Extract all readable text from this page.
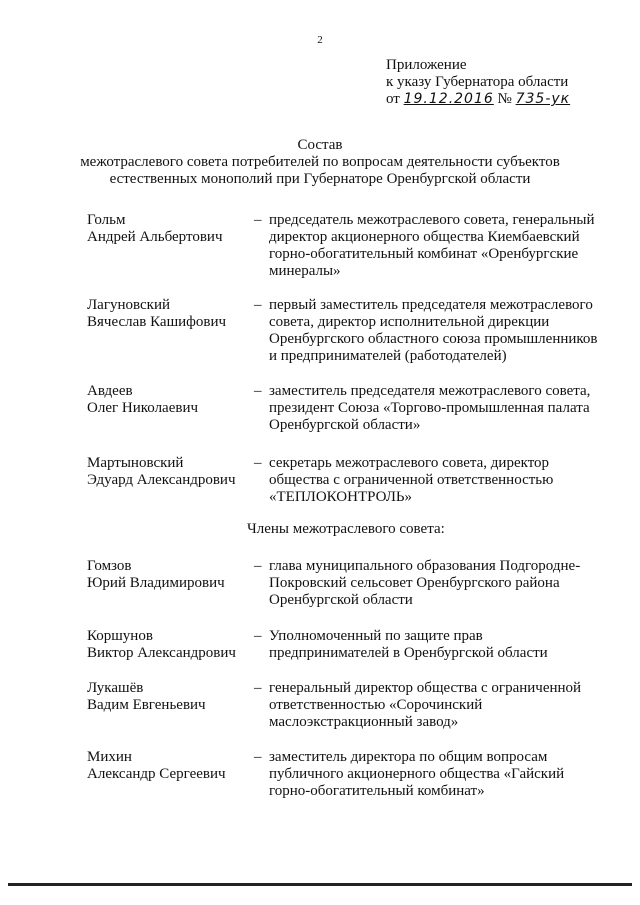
2
Приложение
к указу Губернатора области
от 19.12.2016 № 735-ук
Состав
межотраслевого совета потребителей по вопросам деятельности субъектов
естественных монополий при Губернаторе Оренбургской области
Гольм
Андрей Альбертович
– председатель межотраслевого совета, генеральный
директор акционерного общества Киембаевский
горно-обогатительный комбинат «Оренбургские
минералы»
Лагуновский
Вячеслав Кашифович
– первый заместитель председателя межотраслевого
совета, директор исполнительной дирекции
Оренбургского областного союза промышленников
и предпринимателей (работодателей)
Авдеев
Олег Николаевич
– заместитель председателя межотраслевого совета,
президент Союза «Торгово-промышленная палата
Оренбургской области»
Мартыновский
Эдуард Александрович
– секретарь межотраслевого совета, директор
общества с ограниченной ответственностью
«ТЕПЛОКОНТРОЛЬ»
Члены межотраслевого совета:
Гомзов
Юрий Владимирович
– глава муниципального образования Подгородне-
Покровский сельсовет Оренбургского района
Оренбургской области
Коршунов
Виктор Александрович
– Уполномоченный по защите прав
предпринимателей в Оренбургской области
Лукашёв
Вадим Евгеньевич
– генеральный директор общества с ограниченной
ответственностью «Сорочинский
маслоэкстракционный завод»
Михин
Александр Сергеевич
– заместитель директора по общим вопросам
публичного акционерного общества «Гайский
горно-обогатительный комбинат»
